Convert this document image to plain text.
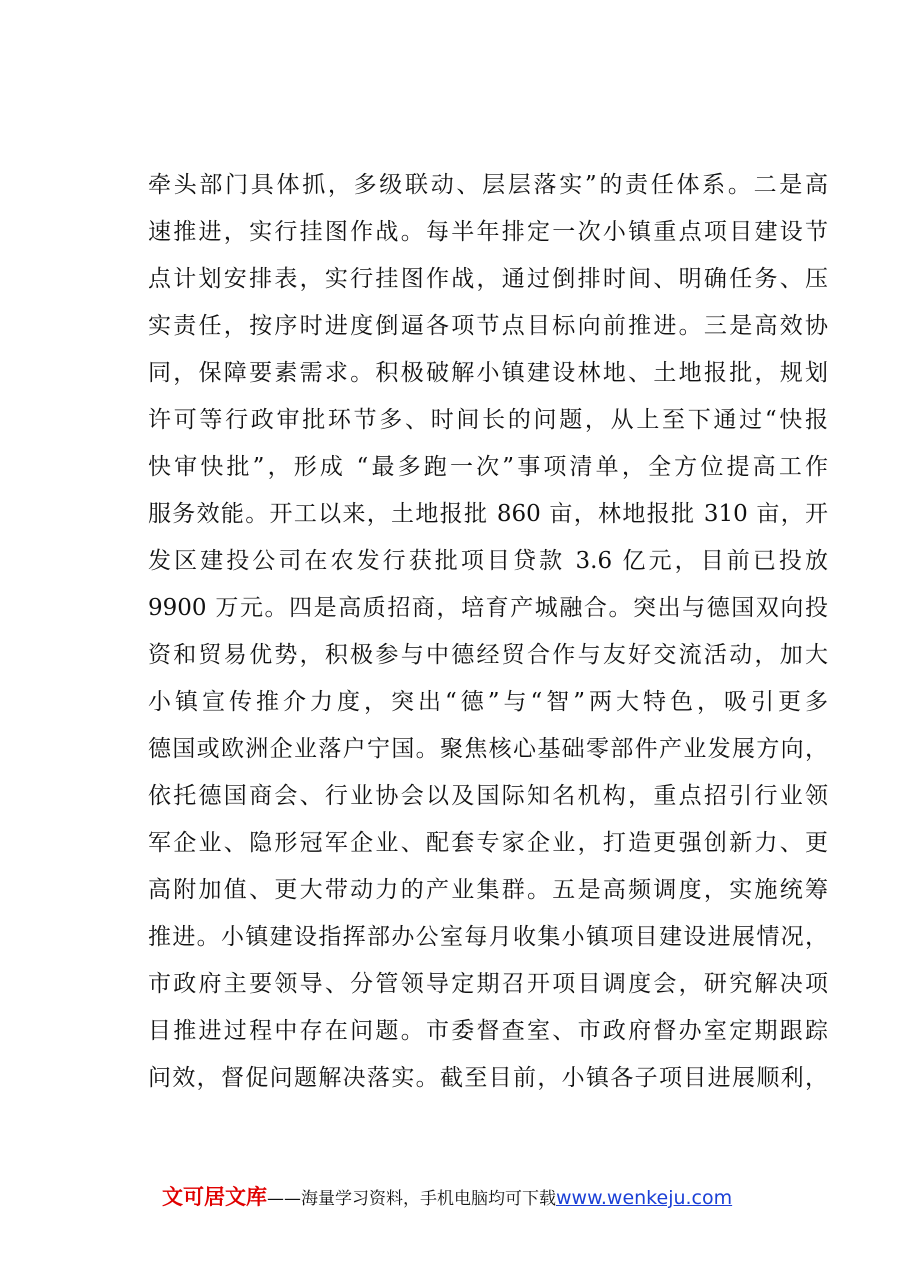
牵头部门具体抓，多级联动、层层落实”的责任体系。二是高
速推进，实行挂图作战。每半年排定一次小镇重点项目建设节
点计划安排表，实行挂图作战，通过倒排时间、明确任务、压
实责任，按序时进度倒逼各项节点目标向前推进。三是高效协
同，保障要素需求。积极破解小镇建设林地、土地报批，规划
许可等行政审批环节多、时间长的问题，从上至下通过“快报
快审快批”，形成 “最多跑一次”事项清单，全方位提高工作
服务效能。开工以来，土地报批 860 亩，林地报批 310 亩，开
发区建投公司在农发行获批项目贷款 3.6 亿元，目前已投放
9900 万元。四是高质招商，培育产城融合。突出与德国双向投
资和贸易优势，积极参与中德经贸合作与友好交流活动，加大
小镇宣传推介力度，突出“德”与“智”两大特色，吸引更多
德国或欧洲企业落户宁国。聚焦核心基础零部件产业发展方向，
依托德国商会、行业协会以及国际知名机构，重点招引行业领
军企业、隐形冠军企业、配套专家企业，打造更强创新力、更
高附加值、更大带动力的产业集群。五是高频调度，实施统筹
推进。小镇建设指挥部办公室每月收集小镇项目建设进展情况，
市政府主要领导、分管领导定期召开项目调度会，研究解决项
目推进过程中存在问题。市委督查室、市政府督办室定期跟踪
问效，督促问题解决落实。截至目前，小镇各子项目进展顺利，
文可居文库——海量学习资料，手机电脑均可下载www.wenkeju.com
